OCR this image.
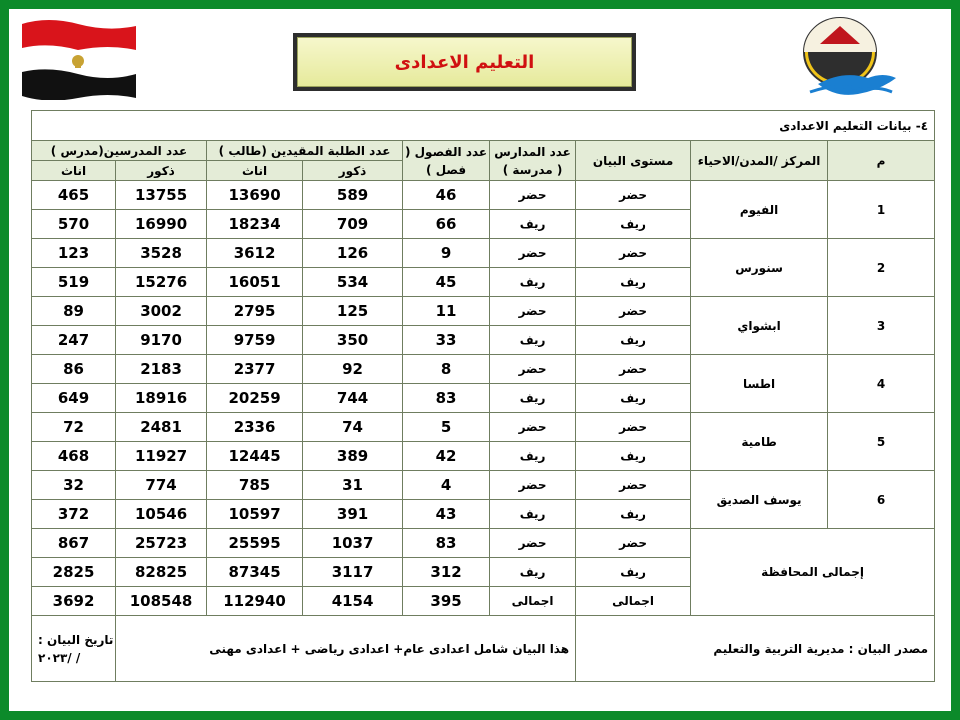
التعليم الاعدادى
٤- بيانات التعليم الاعدادى								
م	المركز /المدن/الاحياء	مستوى البيان	عدد المدارس ( مدرسة )	عدد الفصول ( فصل )	عدد الطلبة المقيدين (طالب )		عدد المدرسين(مدرس )	
					ذكور	اناث	ذكور	اناث
1	الفيوم	حضر	حضر	46	589	13690	13755	465
		ريف	ريف	66	709	18234	16990	570
2	سنورس	حضر	حضر	9	126	3612	3528	123
		ريف	ريف	45	534	16051	15276	519
3	ابشواي	حضر	حضر	11	125	2795	3002	89
		ريف	ريف	33	350	9759	9170	247
4	اطسا	حضر	حضر	8	92	2377	2183	86
		ريف	ريف	83	744	20259	18916	649
5	طامية	حضر	حضر	5	74	2336	2481	72
		ريف	ريف	42	389	12445	11927	468
6	يوسف الصديق	حضر	حضر	4	31	785	774	32
		ريف	ريف	43	391	10597	10546	372
إجمالى المحافظة		حضر	حضر	83	1037	25595	25723	867
		ريف	ريف	312	3117	87345	82825	2825
		اجمالى	اجمالى	395	4154	112940	108548	3692
مصدر البيان : مديرية التربية والتعليم			هذا البيان شامل اعدادى عام+ اعدادى رياضى + اعدادى مهنى					تاريخ البيان : / /٢٠٢٣
